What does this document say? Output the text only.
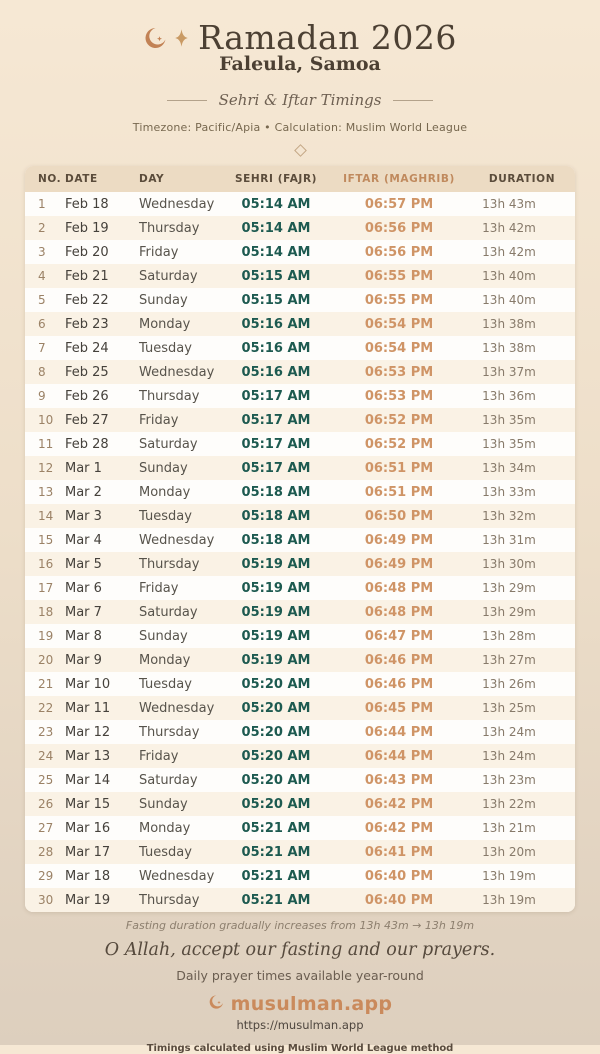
Ramadan 2026
Faleula, Samoa
Sehri & Iftar Timings
Timezone: Pacific/Apia • Calculation: Muslim World League
NO.	DATE	DAY	SEHRI (FAJR)	IFTAR (MAGHRIB)	DURATION
1	Feb 18	Wednesday	05:14 AM	06:57 PM	13h 43m
2	Feb 19	Thursday	05:14 AM	06:56 PM	13h 42m
3	Feb 20	Friday	05:14 AM	06:56 PM	13h 42m
4	Feb 21	Saturday	05:15 AM	06:55 PM	13h 40m
5	Feb 22	Sunday	05:15 AM	06:55 PM	13h 40m
6	Feb 23	Monday	05:16 AM	06:54 PM	13h 38m
7	Feb 24	Tuesday	05:16 AM	06:54 PM	13h 38m
8	Feb 25	Wednesday	05:16 AM	06:53 PM	13h 37m
9	Feb 26	Thursday	05:17 AM	06:53 PM	13h 36m
10	Feb 27	Friday	05:17 AM	06:52 PM	13h 35m
11	Feb 28	Saturday	05:17 AM	06:52 PM	13h 35m
12	Mar 1	Sunday	05:17 AM	06:51 PM	13h 34m
13	Mar 2	Monday	05:18 AM	06:51 PM	13h 33m
14	Mar 3	Tuesday	05:18 AM	06:50 PM	13h 32m
15	Mar 4	Wednesday	05:18 AM	06:49 PM	13h 31m
16	Mar 5	Thursday	05:19 AM	06:49 PM	13h 30m
17	Mar 6	Friday	05:19 AM	06:48 PM	13h 29m
18	Mar 7	Saturday	05:19 AM	06:48 PM	13h 29m
19	Mar 8	Sunday	05:19 AM	06:47 PM	13h 28m
20	Mar 9	Monday	05:19 AM	06:46 PM	13h 27m
21	Mar 10	Tuesday	05:20 AM	06:46 PM	13h 26m
22	Mar 11	Wednesday	05:20 AM	06:45 PM	13h 25m
23	Mar 12	Thursday	05:20 AM	06:44 PM	13h 24m
24	Mar 13	Friday	05:20 AM	06:44 PM	13h 24m
25	Mar 14	Saturday	05:20 AM	06:43 PM	13h 23m
26	Mar 15	Sunday	05:20 AM	06:42 PM	13h 22m
27	Mar 16	Monday	05:21 AM	06:42 PM	13h 21m
28	Mar 17	Tuesday	05:21 AM	06:41 PM	13h 20m
29	Mar 18	Wednesday	05:21 AM	06:40 PM	13h 19m
30	Mar 19	Thursday	05:21 AM	06:40 PM	13h 19m
Fasting duration gradually increases from 13h 43m → 13h 19m
O Allah, accept our fasting and our prayers.
Daily prayer times available year-round
musulman.app
https://musulman.app
Timings calculated using Muslim World League method
